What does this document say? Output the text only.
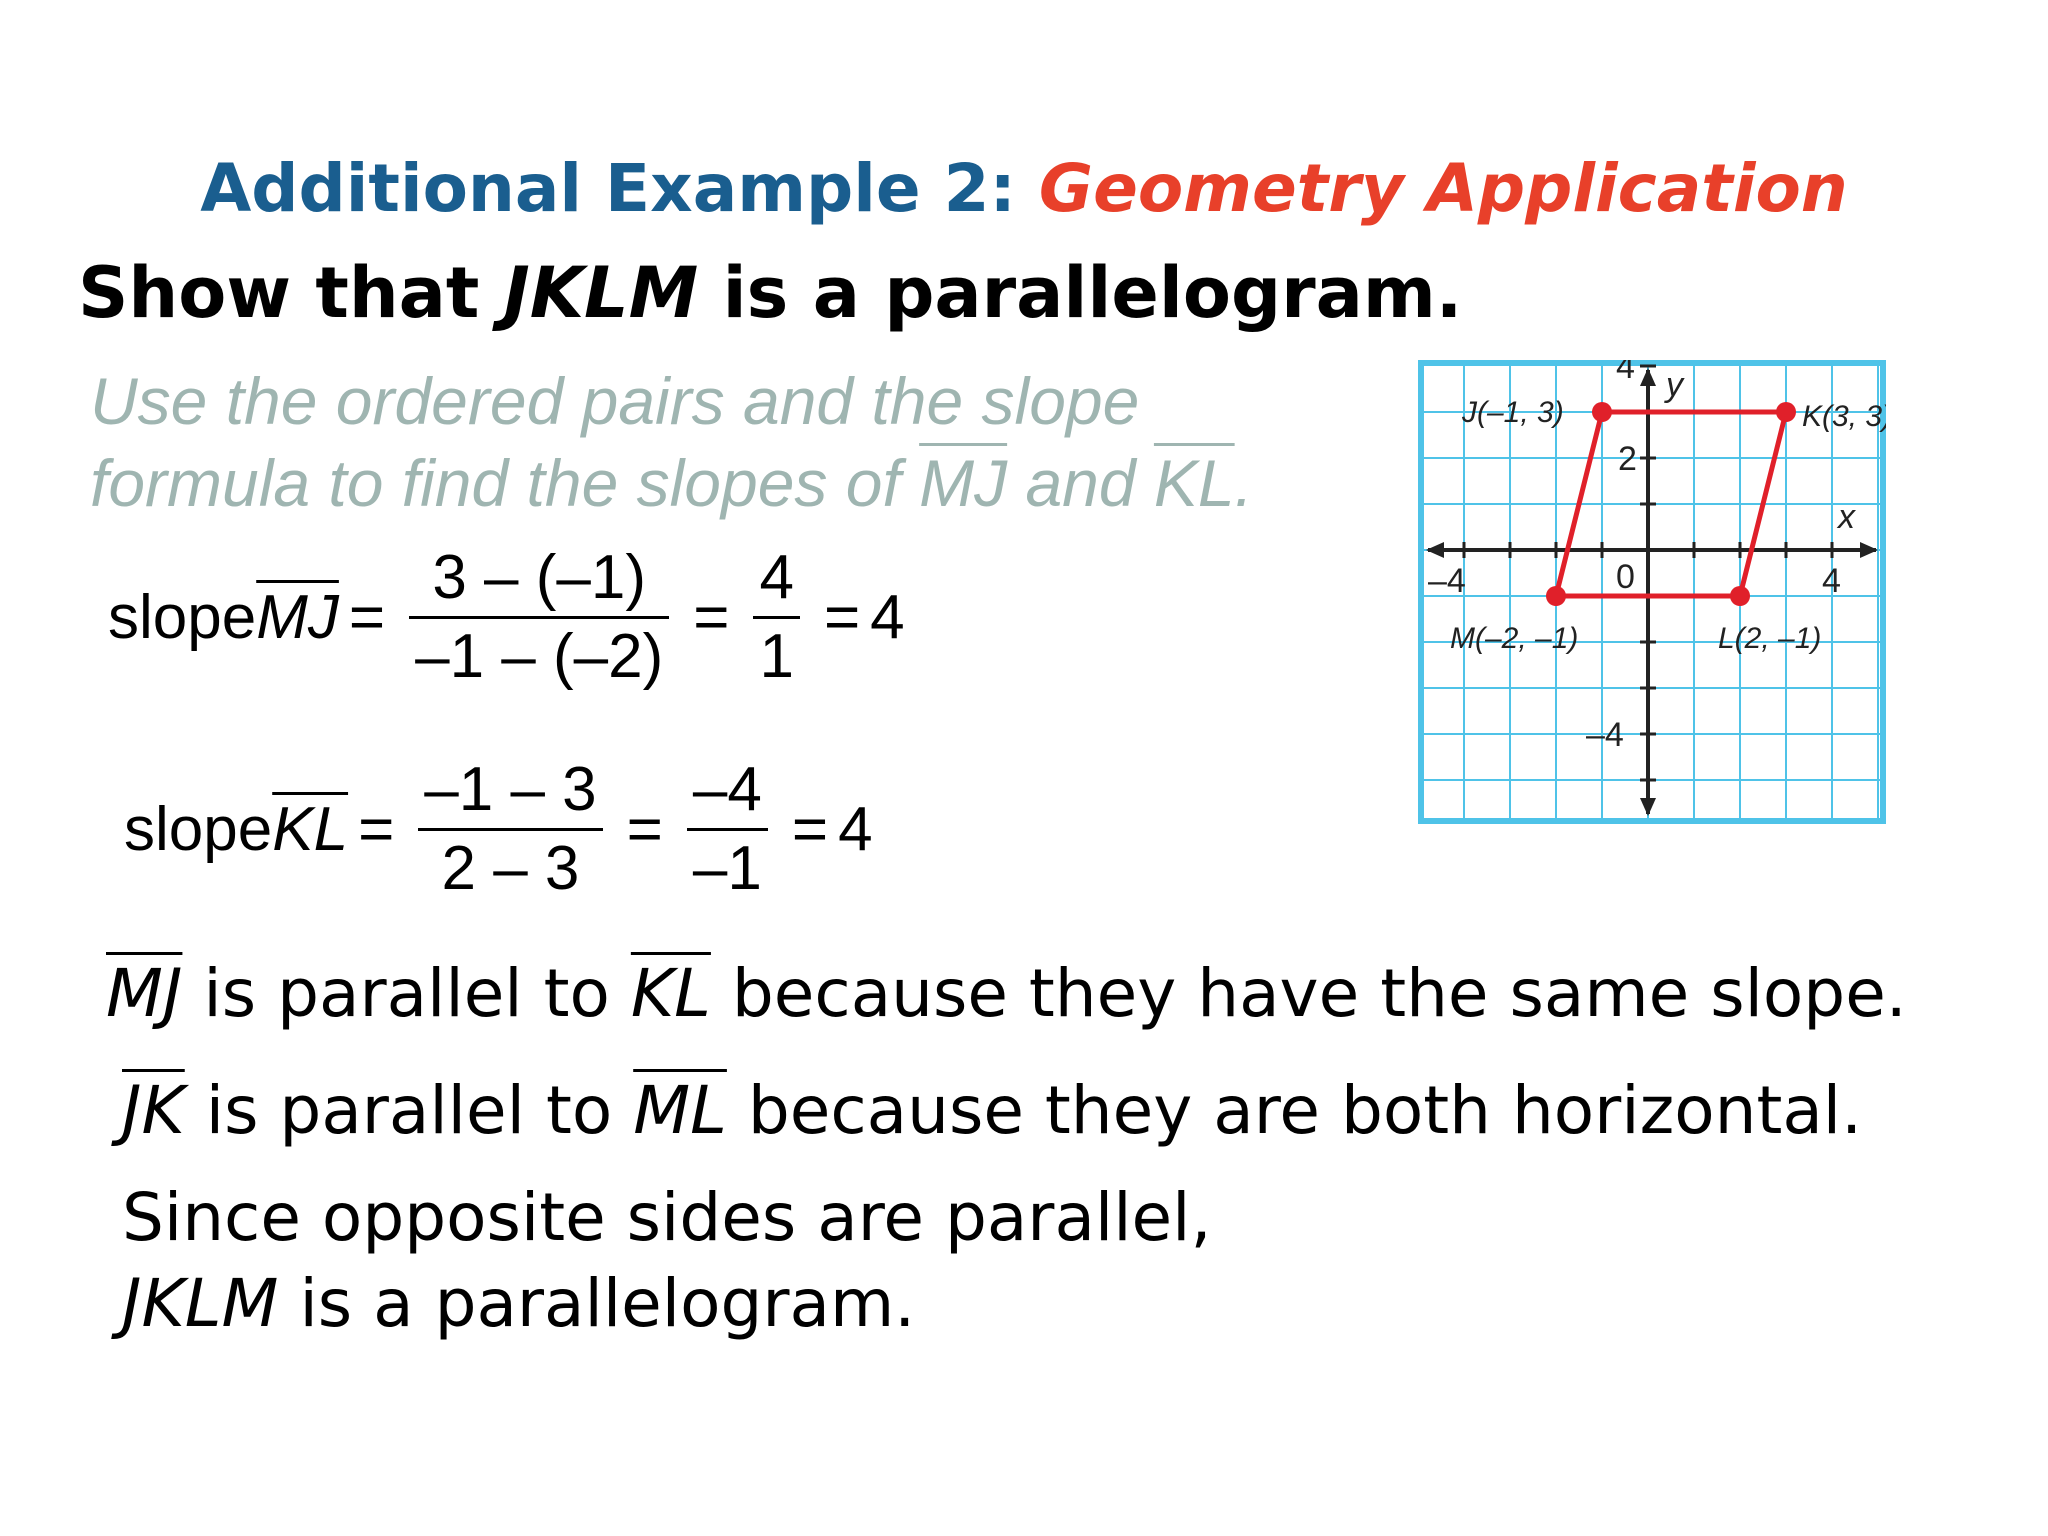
Additional Example 2: Geometry Application
Show that JKLM is a parallelogram.
Use the ordered pairs and the slope
formula to find the slopes of $\overline{MJ}$ and $\overline{KL}$.
slope $\overline{MJ} = \frac{3 - (-1)}{-1 - (-2)} = \frac{4}{1} = 4$
slope $\overline{KL} = \frac{-1 - 3}{2 - 3} = \frac{-4}{-1} = 4$
$\overline{MJ}$ is parallel to $\overline{KL}$ because they have the same slope.
$\overline{JK}$ is parallel to $\overline{ML}$ because they are both horizontal.
Since opposite sides are parallel,
JKLM is a parallelogram.
x
y
4
2
–4
0
–4	4
J(–1, 3)	K(3, 3)
L(2, –1)
M(–2, –1)
